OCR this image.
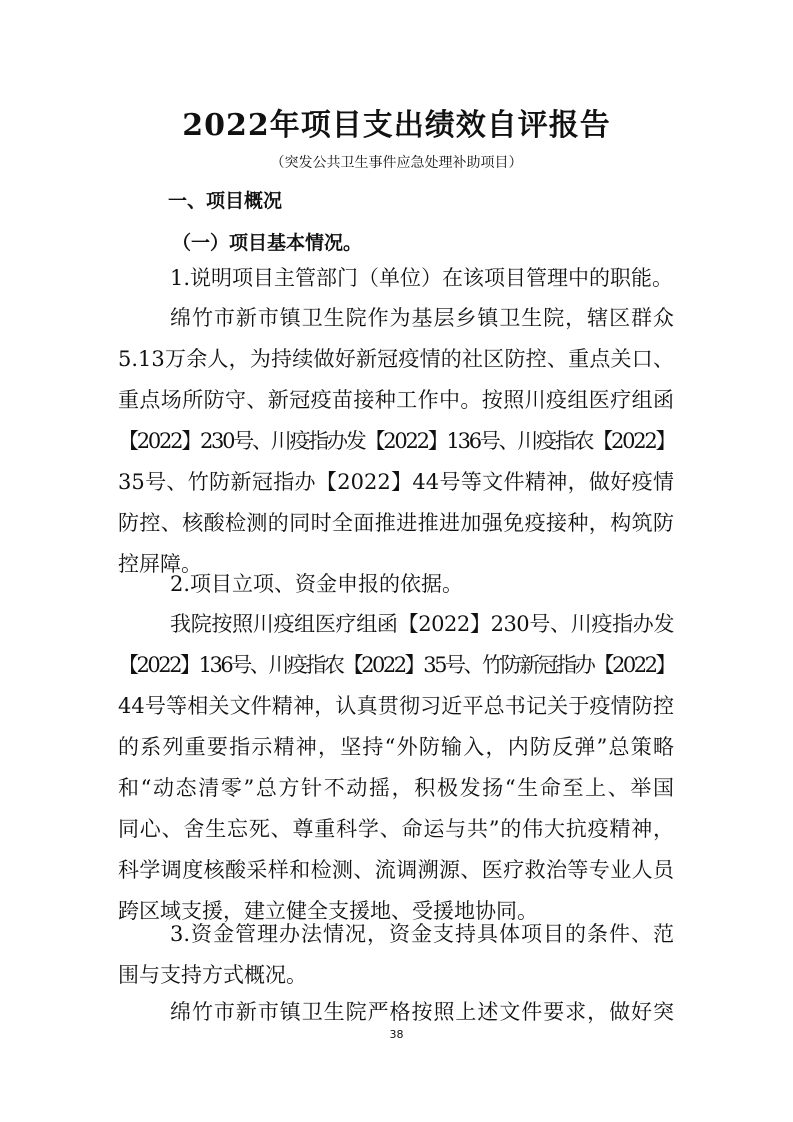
2022年项目支出绩效自评报告
（突发公共卫生事件应急处理补助项目）
一、项目概况
（一）项目基本情况。
1.说明项目主管部门（单位）在该项目管理中的职能。
绵竹市新市镇卫生院作为基层乡镇卫生院，辖区群众
5.13万余人，为持续做好新冠疫情的社区防控、重点关口、
重点场所防守、新冠疫苗接种工作中。按照川疫组医疗组函
【2022】230号、川疫指办发【2022】136号、川疫指农【2022】
35号、竹防新冠指办【2022】44号等文件精神，做好疫情
防控、核酸检测的同时全面推进推进加强免疫接种，构筑防
控屏障。
2.项目立项、资金申报的依据。
我院按照川疫组医疗组函【2022】230号、川疫指办发
【2022】136号、川疫指农【2022】35号、竹防新冠指办【2022】
44号等相关文件精神，认真贯彻习近平总书记关于疫情防控
的系列重要指示精神，坚持“外防输入，内防反弹”总策略
和“动态清零”总方针不动摇，积极发扬“生命至上、举国
同心、舍生忘死、尊重科学、命运与共”的伟大抗疫精神，
科学调度核酸采样和检测、流调溯源、医疗救治等专业人员
跨区域支援，建立健全支援地、受援地协同。
3.资金管理办法情况，资金支持具体项目的条件、范
围与支持方式概况。
绵竹市新市镇卫生院严格按照上述文件要求，做好突
38
